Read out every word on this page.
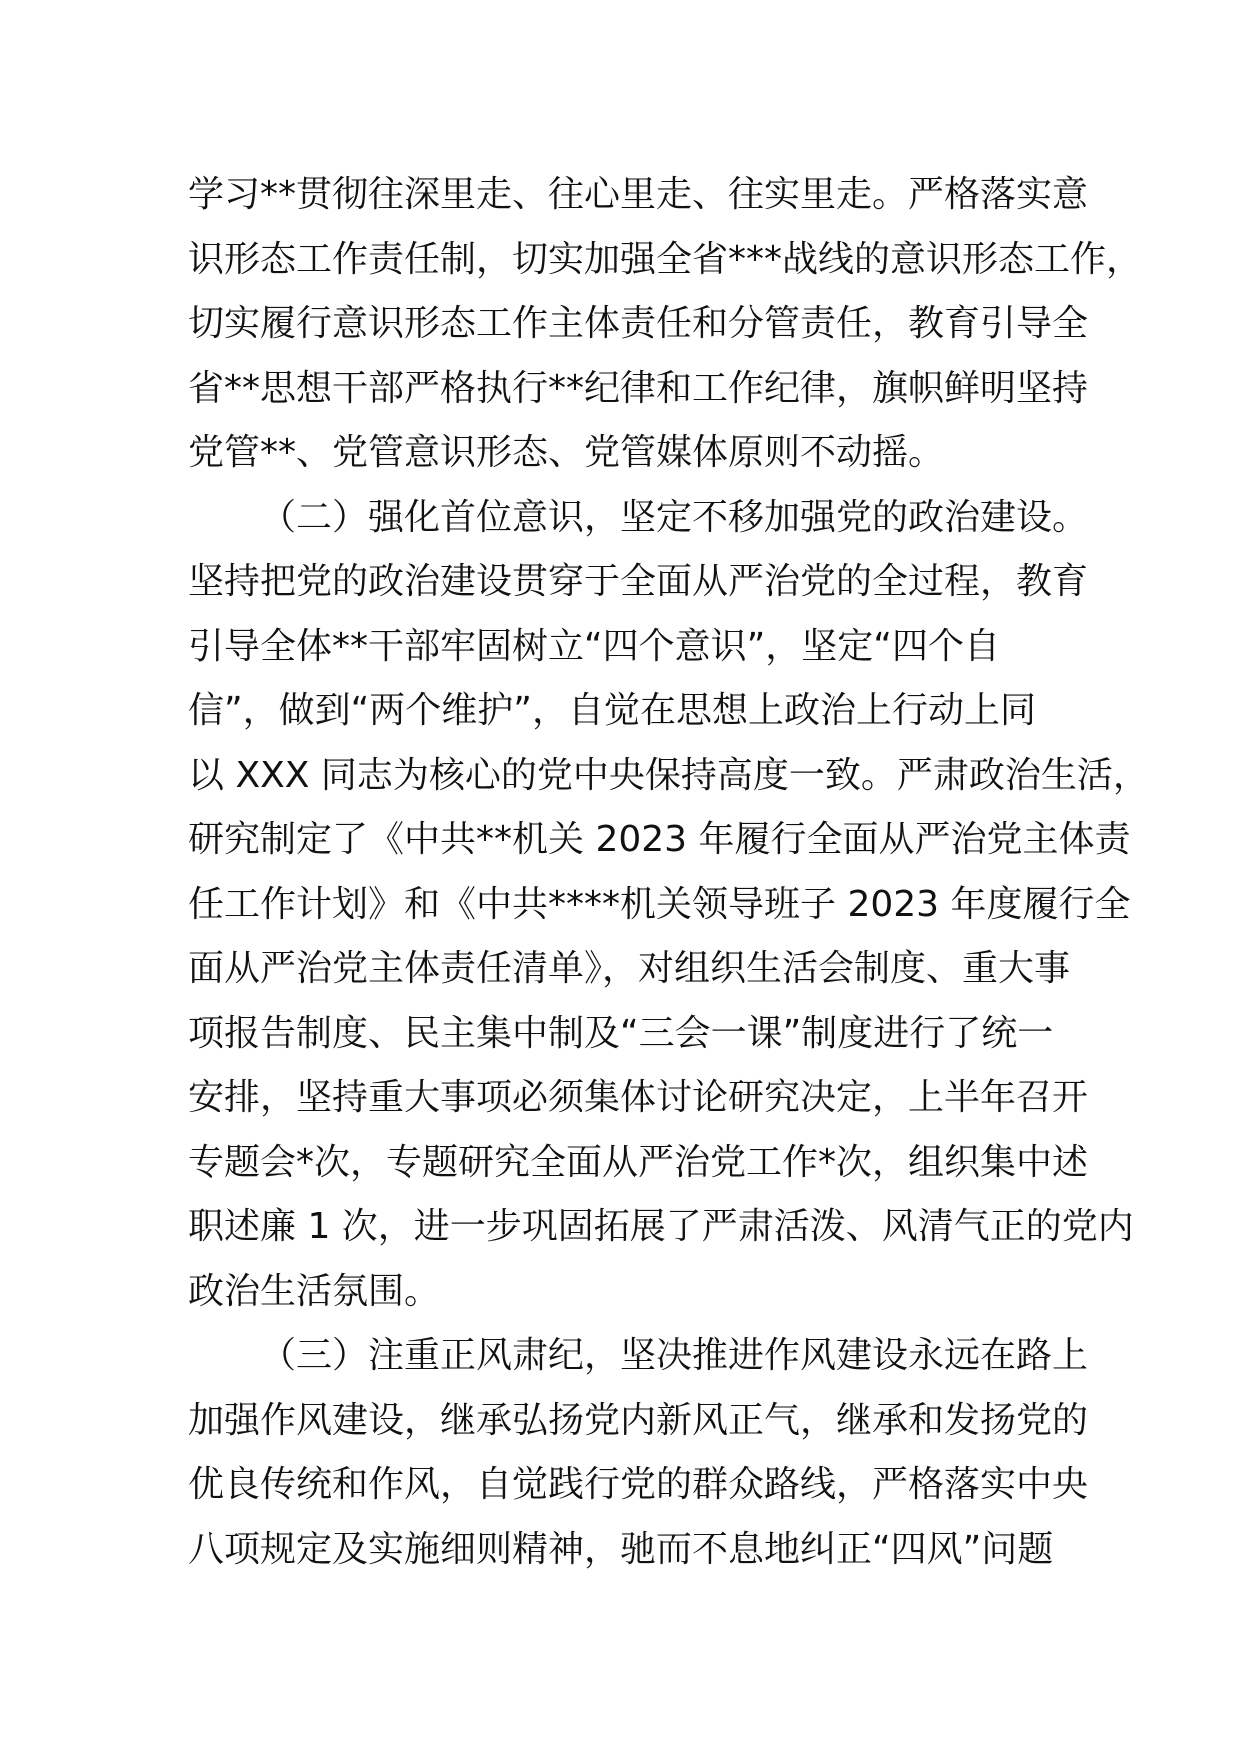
学习**贯彻往深里走、往心里走、往实里走。严格落实意
识形态工作责任制，切实加强全省***战线的意识形态工作，
切实履行意识形态工作主体责任和分管责任，教育引导全
省**思想干部严格执行**纪律和工作纪律，旗帜鲜明坚持
党管**、党管意识形态、党管媒体原则不动摇。
（二）强化首位意识，坚定不移加强党的政治建设。
坚持把党的政治建设贯穿于全面从严治党的全过程，教育
引导全体**干部牢固树立“四个意识”，坚定“四个自
信”，做到“两个维护”，自觉在思想上政治上行动上同
以 XXX 同志为核心的党中央保持高度一致。严肃政治生活，
研究制定了《中共**机关 2023 年履行全面从严治党主体责
任工作计划》和《中共****机关领导班子 2023 年度履行全
面从严治党主体责任清单》，对组织生活会制度、重大事
项报告制度、民主集中制及“三会一课”制度进行了统一
安排，坚持重大事项必须集体讨论研究决定，上半年召开
专题会*次，专题研究全面从严治党工作*次，组织集中述
职述廉 1 次，进一步巩固拓展了严肃活泼、风清气正的党内
政治生活氛围。
（三）注重正风肃纪，坚决推进作风建设永远在路上
加强作风建设，继承弘扬党内新风正气，继承和发扬党的
优良传统和作风，自觉践行党的群众路线，严格落实中央
八项规定及实施细则精神，驰而不息地纠正“四风”问题
